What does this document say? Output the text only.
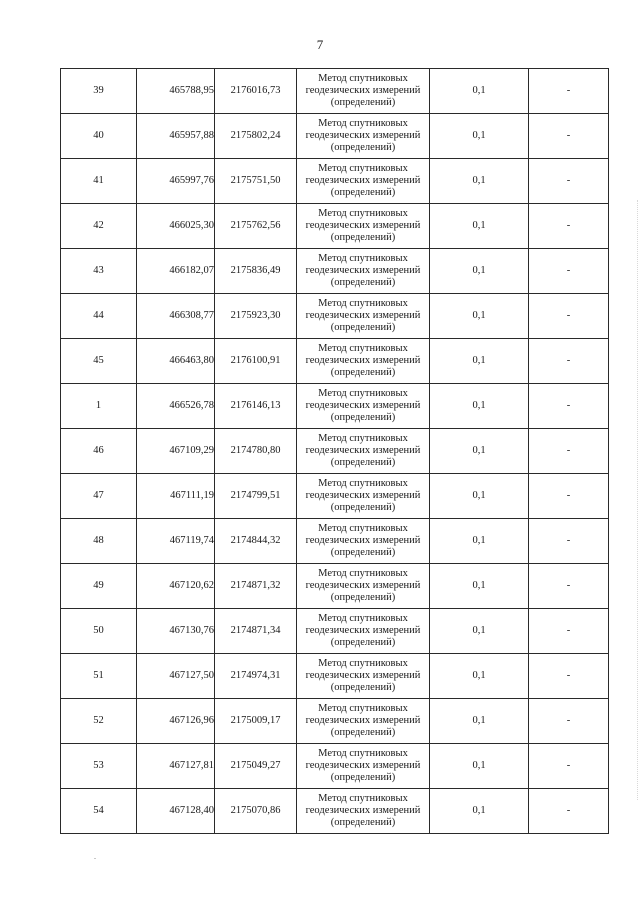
7
39	465788,95	2176016,73	Метод спутниковых геодезических измерений (определений)	0,1	-
40	465957,88	2175802,24	Метод спутниковых геодезических измерений (определений)	0,1	-
41	465997,76	2175751,50	Метод спутниковых геодезических измерений (определений)	0,1	-
42	466025,30	2175762,56	Метод спутниковых геодезических измерений (определений)	0,1	-
43	466182,07	2175836,49	Метод спутниковых геодезических измерений (определений)	0,1	-
44	466308,77	2175923,30	Метод спутниковых геодезических измерений (определений)	0,1	-
45	466463,80	2176100,91	Метод спутниковых геодезических измерений (определений)	0,1	-
1	466526,78	2176146,13	Метод спутниковых геодезических измерений (определений)	0,1	-
46	467109,29	2174780,80	Метод спутниковых геодезических измерений (определений)	0,1	-
47	467111,19	2174799,51	Метод спутниковых геодезических измерений (определений)	0,1	-
48	467119,74	2174844,32	Метод спутниковых геодезических измерений (определений)	0,1	-
49	467120,62	2174871,32	Метод спутниковых геодезических измерений (определений)	0,1	-
50	467130,76	2174871,34	Метод спутниковых геодезических измерений (определений)	0,1	-
51	467127,50	2174974,31	Метод спутниковых геодезических измерений (определений)	0,1	-
52	467126,96	2175009,17	Метод спутниковых геодезических измерений (определений)	0,1	-
53	467127,81	2175049,27	Метод спутниковых геодезических измерений (определений)	0,1	-
54	467128,40	2175070,86	Метод спутниковых геодезических измерений (определений)	0,1	-
